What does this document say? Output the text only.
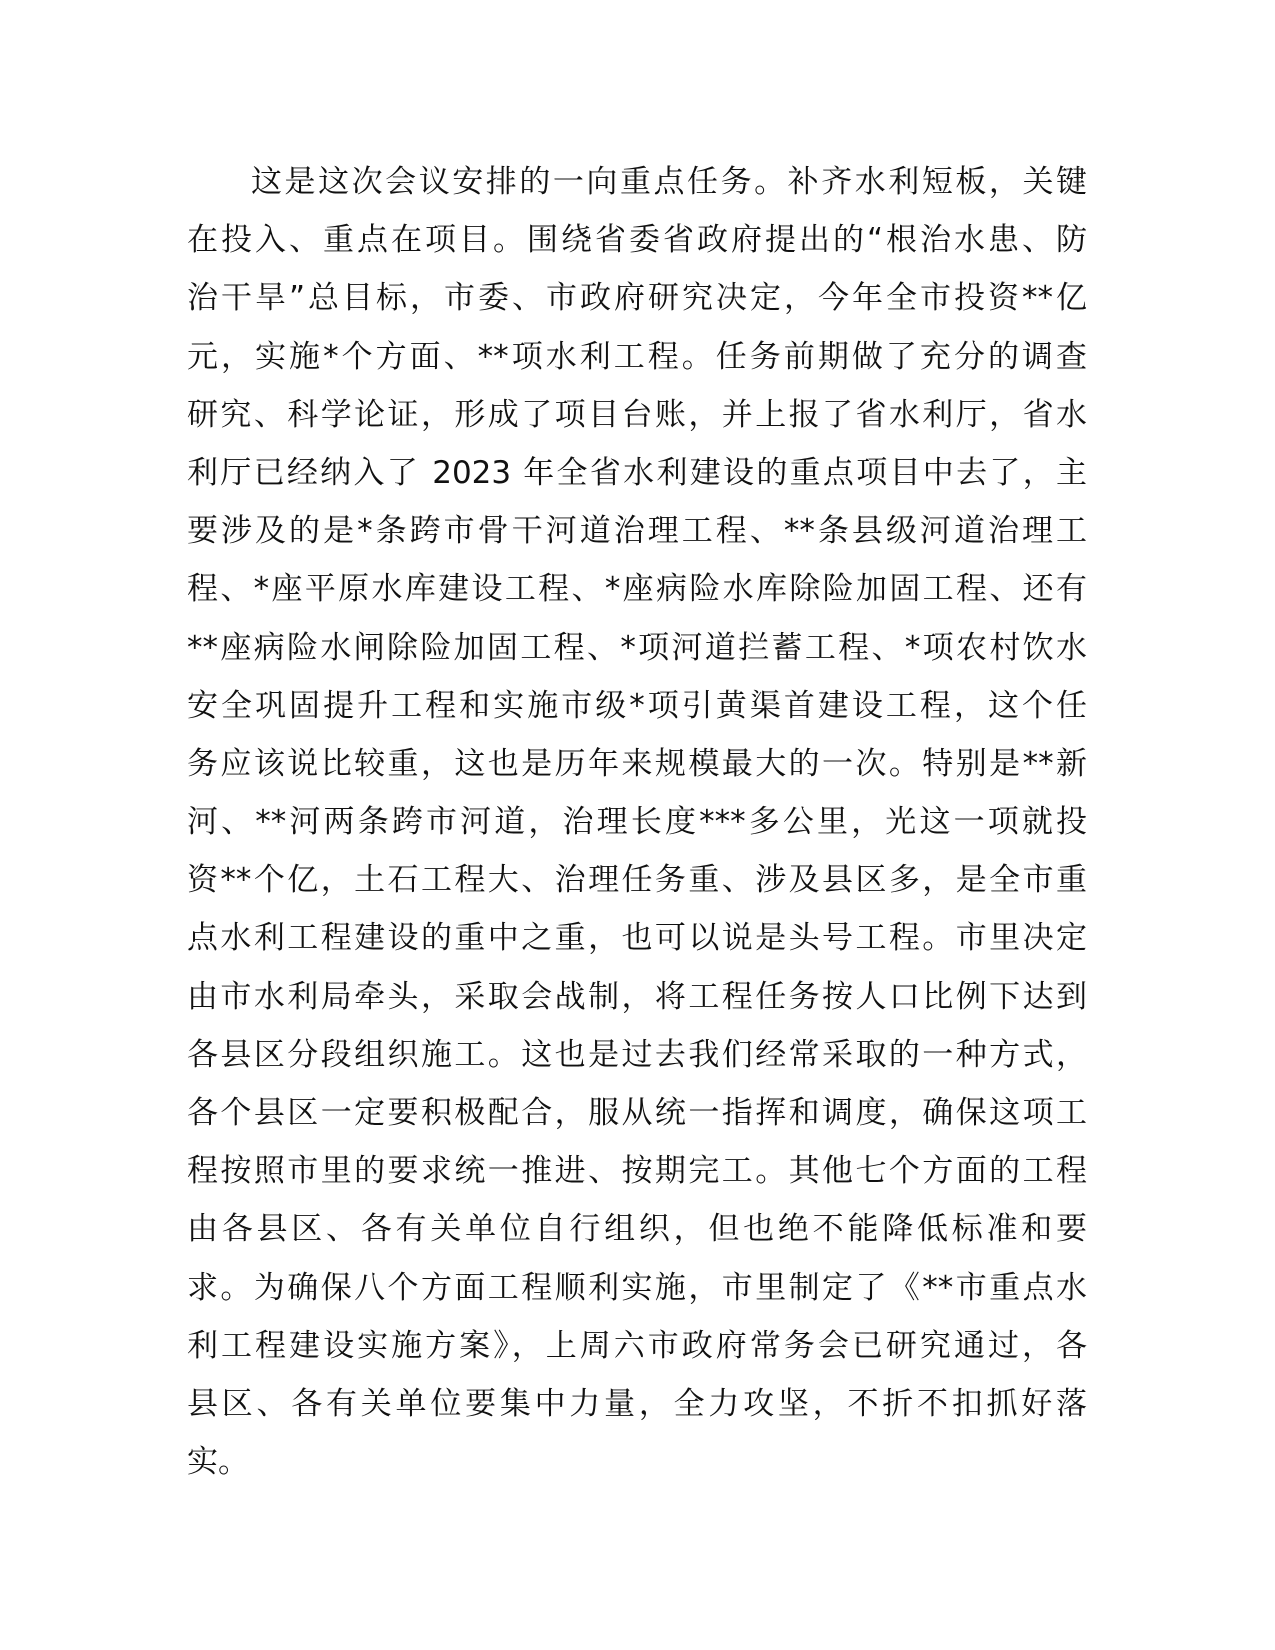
这是这次会议安排的一向重点任务。补齐水利短板，关键
在投入、重点在项目。围绕省委省政府提出的“根治水患、防
治干旱”总目标，市委、市政府研究决定，今年全市投资**亿
元，实施*个方面、**项水利工程。任务前期做了充分的调查
研究、科学论证，形成了项目台账，并上报了省水利厅，省水
利厅已经纳入了 2023 年全省水利建设的重点项目中去了，主
要涉及的是*条跨市骨干河道治理工程、**条县级河道治理工
程、*座平原水库建设工程、*座病险水库除险加固工程、还有
**座病险水闸除险加固工程、*项河道拦蓄工程、*项农村饮水
安全巩固提升工程和实施市级*项引黄渠首建设工程，这个任
务应该说比较重，这也是历年来规模最大的一次。特别是**新
河、**河两条跨市河道，治理长度***多公里，光这一项就投
资**个亿，土石工程大、治理任务重、涉及县区多，是全市重
点水利工程建设的重中之重，也可以说是头号工程。市里决定
由市水利局牵头，采取会战制，将工程任务按人口比例下达到
各县区分段组织施工。这也是过去我们经常采取的一种方式，
各个县区一定要积极配合，服从统一指挥和调度，确保这项工
程按照市里的要求统一推进、按期完工。其他七个方面的工程
由各县区、各有关单位自行组织，但也绝不能降低标准和要
求。为确保八个方面工程顺利实施，市里制定了《**市重点水
利工程建设实施方案》，上周六市政府常务会已研究通过，各
县区、各有关单位要集中力量，全力攻坚，不折不扣抓好落
实。
